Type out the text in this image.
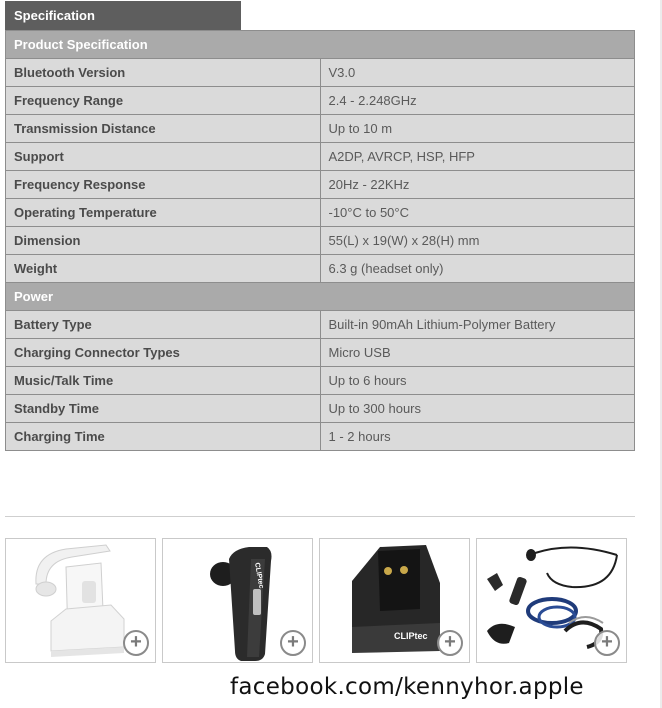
Specification
Product Specification	
Bluetooth Version	V3.0
Frequency Range	2.4 - 2.248GHz
Transmission Distance	Up to 10 m
Support	A2DP, AVRCP, HSP, HFP
Frequency Response	20Hz - 22KHz
Operating Temperature	-10°C to 50°C
Dimension	55(L) x 19(W) x 28(H) mm
Weight	6.3 g (headset only)
Power	
Battery Type	Built-in 90mAh Lithium-Polymer Battery
Charging Connector Types	Micro USB
Music/Talk Time	Up to 6 hours
Standby Time	Up to 300 hours
Charging Time	1 - 2 hours
+
CLIPtec
+	CLIPtec +	+
facebook.com/kennyhor.apple
